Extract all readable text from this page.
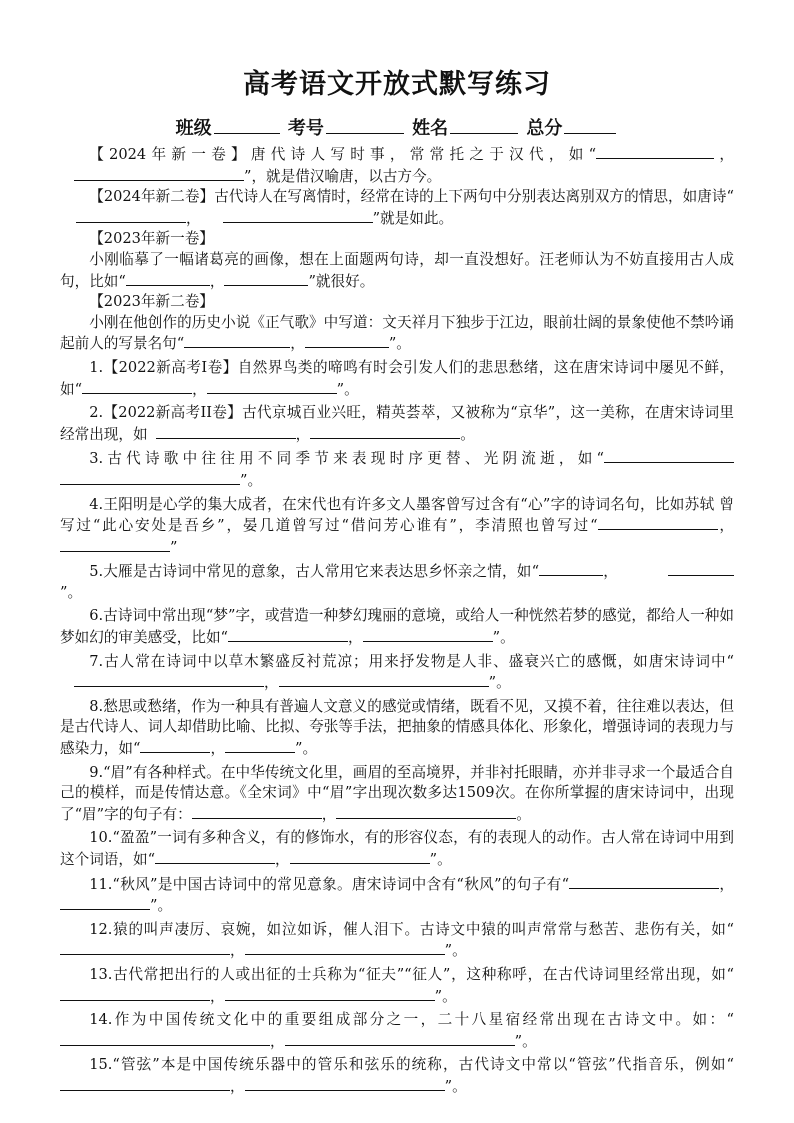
高考语文开放式默写练习
班级	考号	姓名	总分

【2024年新一卷】唐代诗人写时事，常常托之于汉代，如“	，”，就是借汉喻唐，以古方今。

【2024年新二卷】古代诗人在写离情时，经常在诗的上下两句中分别表达离别双方的情思，如唐诗“，	”就是如此。

【2023年新一卷】

小刚临摹了一幅诸葛亮的画像，想在上面题两句诗，却一直没想好。汪老师认为不妨直接用古人成句，比如“	，	”就很好。

【2023年新二卷】

小刚在他创作的历史小说《正气歌》中写道：文天祥月下独步于江边，眼前壮阔的景象使他不禁吟诵起前人的写景名句“	，	”。

1.【2022新高考Ⅰ卷】自然界鸟类的啼鸣有时会引发人们的悲思愁绪，这在唐宋诗词中屡见不鲜，如“	，	”。

2.【2022新高考II卷】古代京城百业兴旺，精英荟萃，又被称为“京华”，这一美称，在唐宋诗词里经常出现，如	，	。

3.古代诗歌中往往用不同季节来表现时序更替、光阴流逝，如“”。

4.王阳明是心学的集大成者，在宋代也有许多文人墨客曾写过含有“心”字的诗词名句，比如苏轼 曾写过“此心安处是吾乡”，晏几道曾写过“借问芳心谁有”，李清照也曾写过“	，”

5.大雁是古诗词中常见的意象，古人常用它来表达思乡怀亲之情，如“	，”。

6.古诗词中常出现“梦”字，或营造一种梦幻瑰丽的意境，或给人一种恍然若梦的感觉，都给人一种如梦如幻的审美感受，比如“	，	”。

7.古人常在诗词中以草木繁盛反衬荒凉；用来抒发物是人非、盛衰兴亡的感慨，如唐宋诗词中“，	”。

8.愁思或愁绪，作为一种具有普遍人文意义的感觉或情绪，既看不见，又摸不着，往往难以表达，但是古代诗人、词人却借助比喻、比拟、夸张等手法，把抽象的情感具体化、形象化，增强诗词的表现力与感染力，如“	，	”。

9.“眉”有各种样式。在中华传统文化里，画眉的至高境界，并非衬托眼睛，亦并非寻求一个最适合自己的模样，而是传情达意。《全宋词》中“眉”字出现次数多达1509次。在你所掌握的唐宋诗词中，出现了“眉”字的句子有：	，	。

10.“盈盈”一词有多种含义，有的修饰水，有的形容仪态，有的表现人的动作。古人常在诗词中用到这个词语，如“	，	”。

11.“秋风”是中国古诗词中的常见意象。唐宋诗词中含有“秋风”的句子有“	，”。

12.猿的叫声凄厉、哀婉，如泣如诉，催人泪下。古诗文中猿的叫声常常与愁苦、悲伤有关，如“，	”。

13.古代常把出行的人或出征的士兵称为“征夫”“征人”，这种称呼，在古代诗词里经常出现，如“，	”。

14.作为中国传统文化中的重要组成部分之一，二十八星宿经常出现在古诗文中。如：“，	”。

15.“管弦”本是中国传统乐器中的管乐和弦乐的统称，古代诗文中常以“管弦”代指音乐，例如“，	”。
